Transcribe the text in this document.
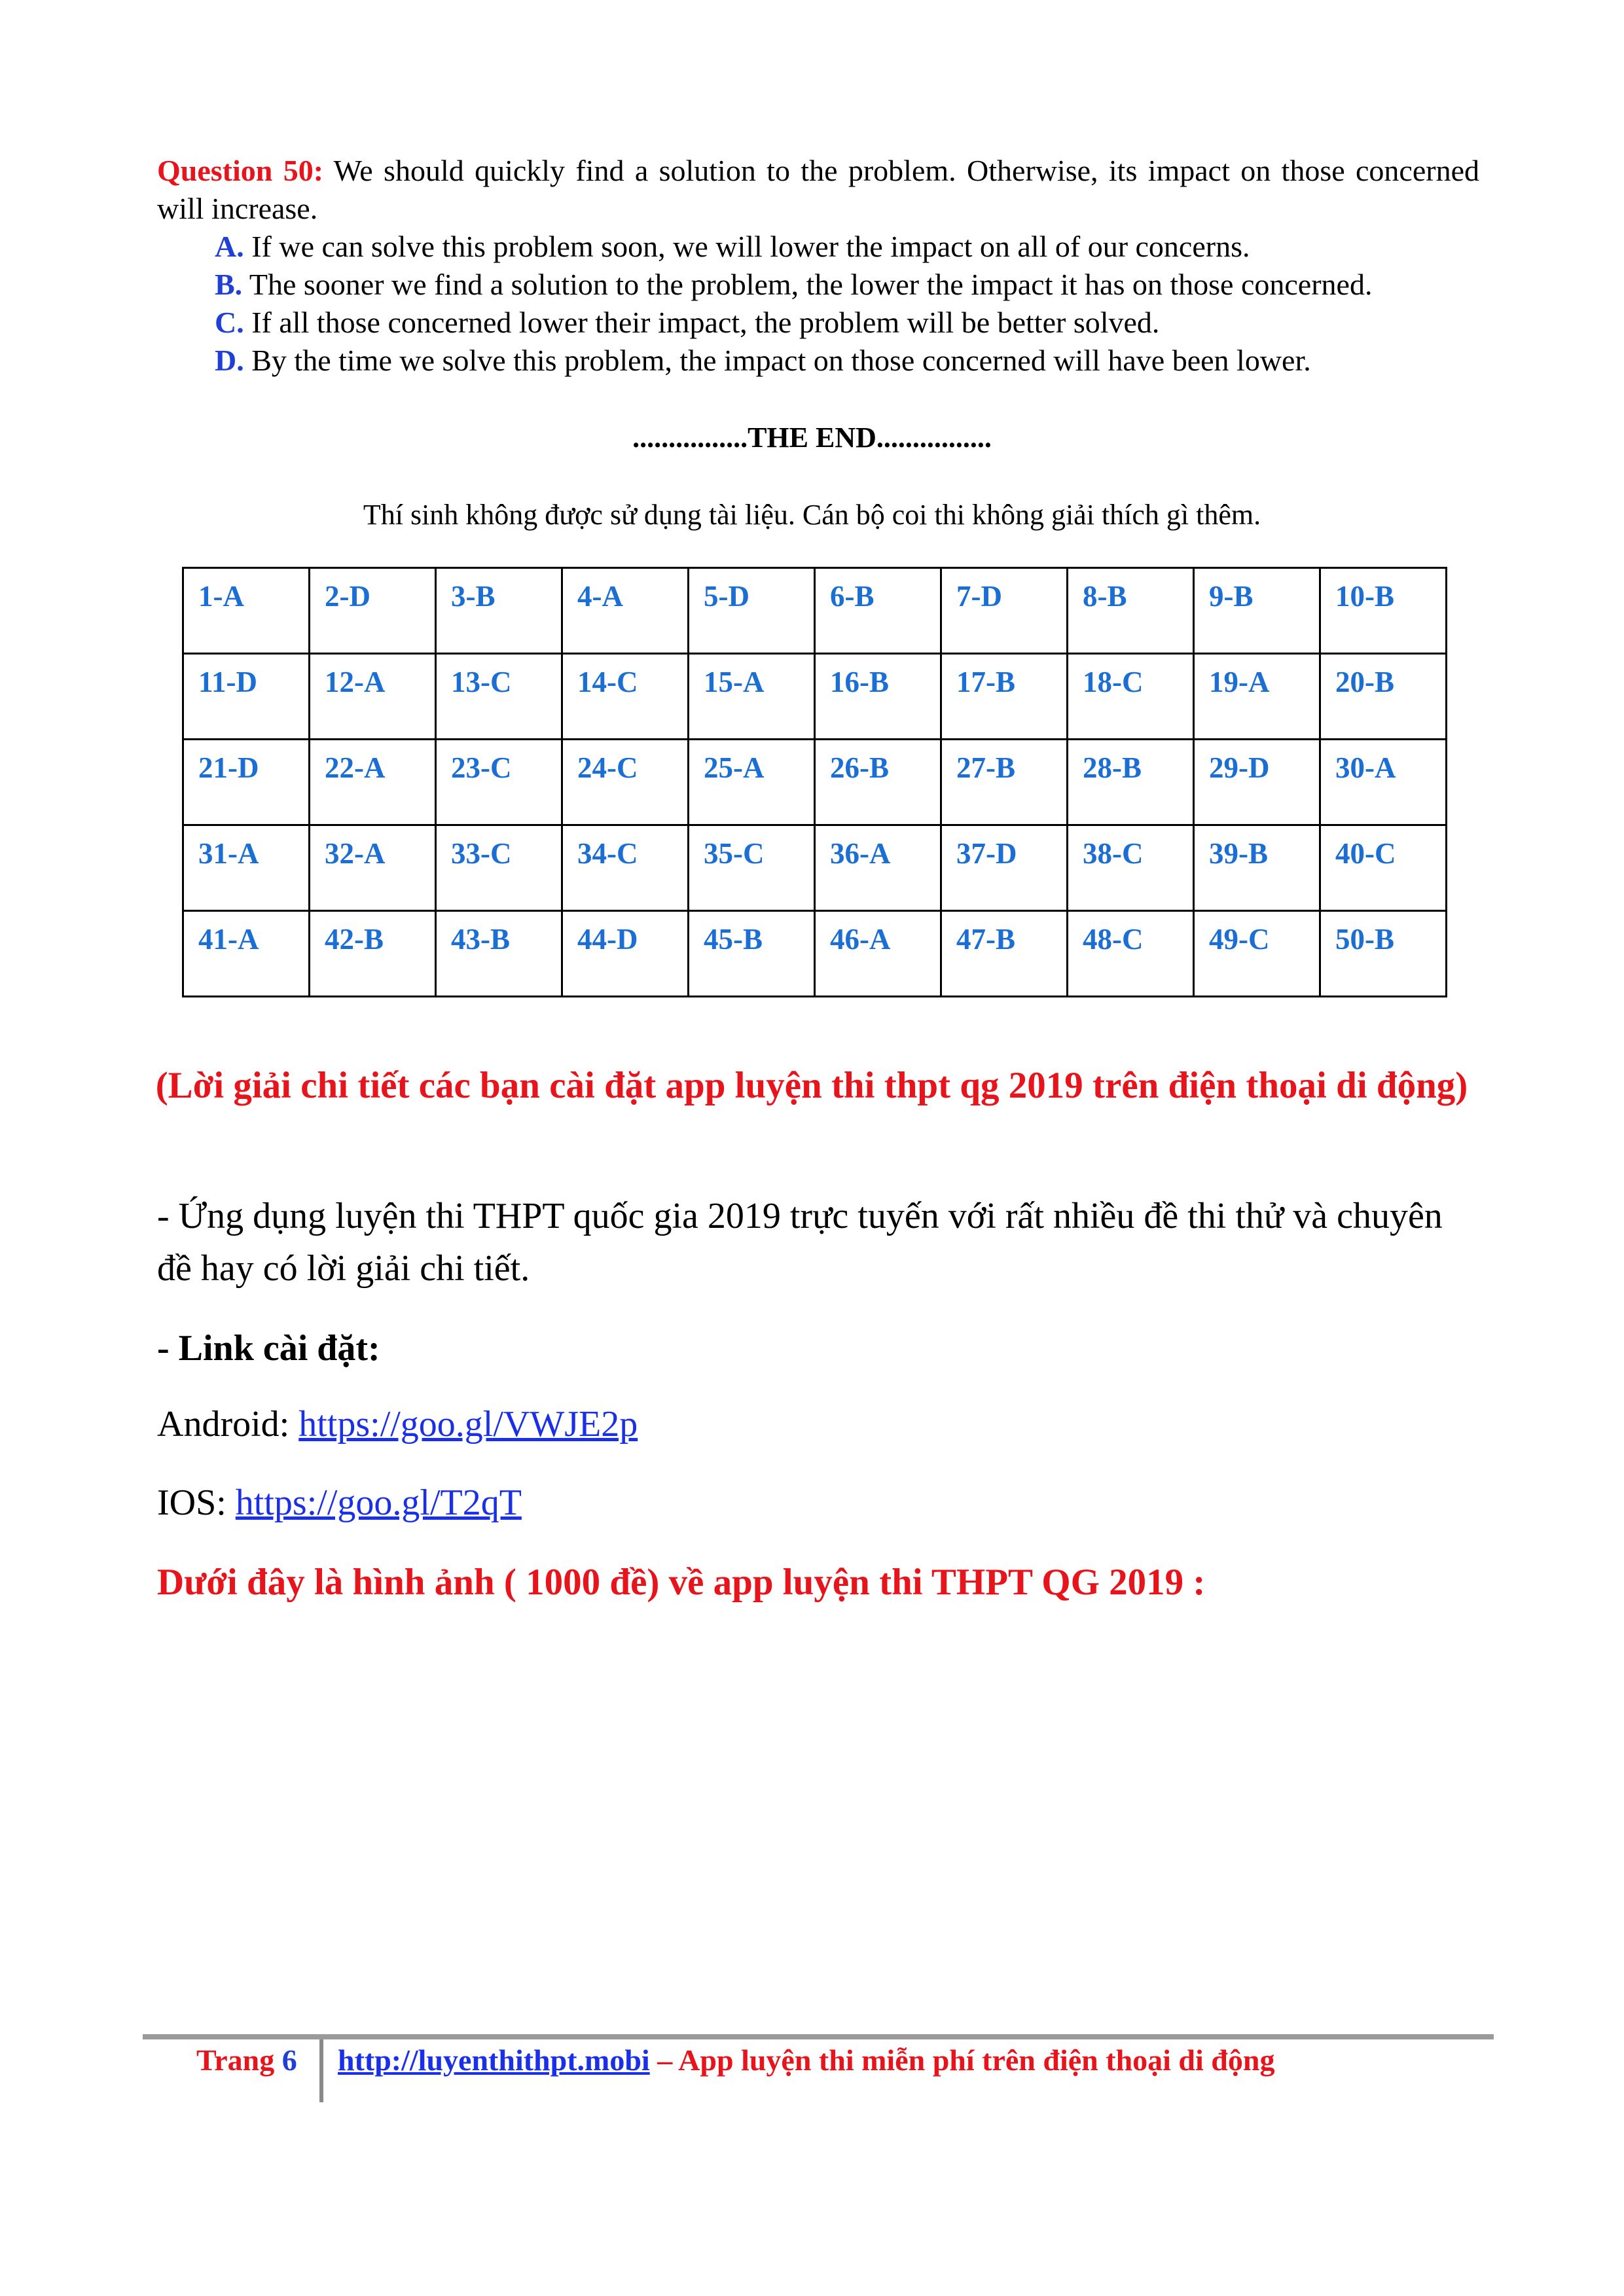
Question 50: We should quickly find a solution to the problem. Otherwise, its impact on those concerned will increase.
A. If we can solve this problem soon, we will lower the impact on all of our concerns.
B. The sooner we find a solution to the problem, the lower the impact it has on those concerned.
C. If all those concerned lower their impact, the problem will be better solved.
D. By the time we solve this problem, the impact on those concerned will have been lower.
................THE END................
Thí sinh không được sử dụng tài liệu. Cán bộ coi thi không giải thích gì thêm.
1-A	2-D	3-B	4-A	5-D	6-B	7-D	8-B	9-B	10-B
11-D	12-A	13-C	14-C	15-A	16-B	17-B	18-C	19-A	20-B
21-D	22-A	23-C	24-C	25-A	26-B	27-B	28-B	29-D	30-A
31-A	32-A	33-C	34-C	35-C	36-A	37-D	38-C	39-B	40-C
41-A	42-B	43-B	44-D	45-B	46-A	47-B	48-C	49-C	50-B
(Lời giải chi tiết các bạn cài đặt app luyện thi thpt qg 2019 trên điện thoại di động)
- Ứng dụng luyện thi THPT quốc gia 2019 trực tuyến với rất nhiều đề thi thử và chuyên đề hay có lời giải chi tiết.
- Link cài đặt:
Android: https://goo.gl/VWJE2p
IOS: https://goo.gl/T2qT
Dưới đây là hình ảnh ( 1000 đề) về app luyện thi THPT QG 2019 :
Trang 6 http://luyenthithpt.mobi – App luyện thi miễn phí trên điện thoại di động
